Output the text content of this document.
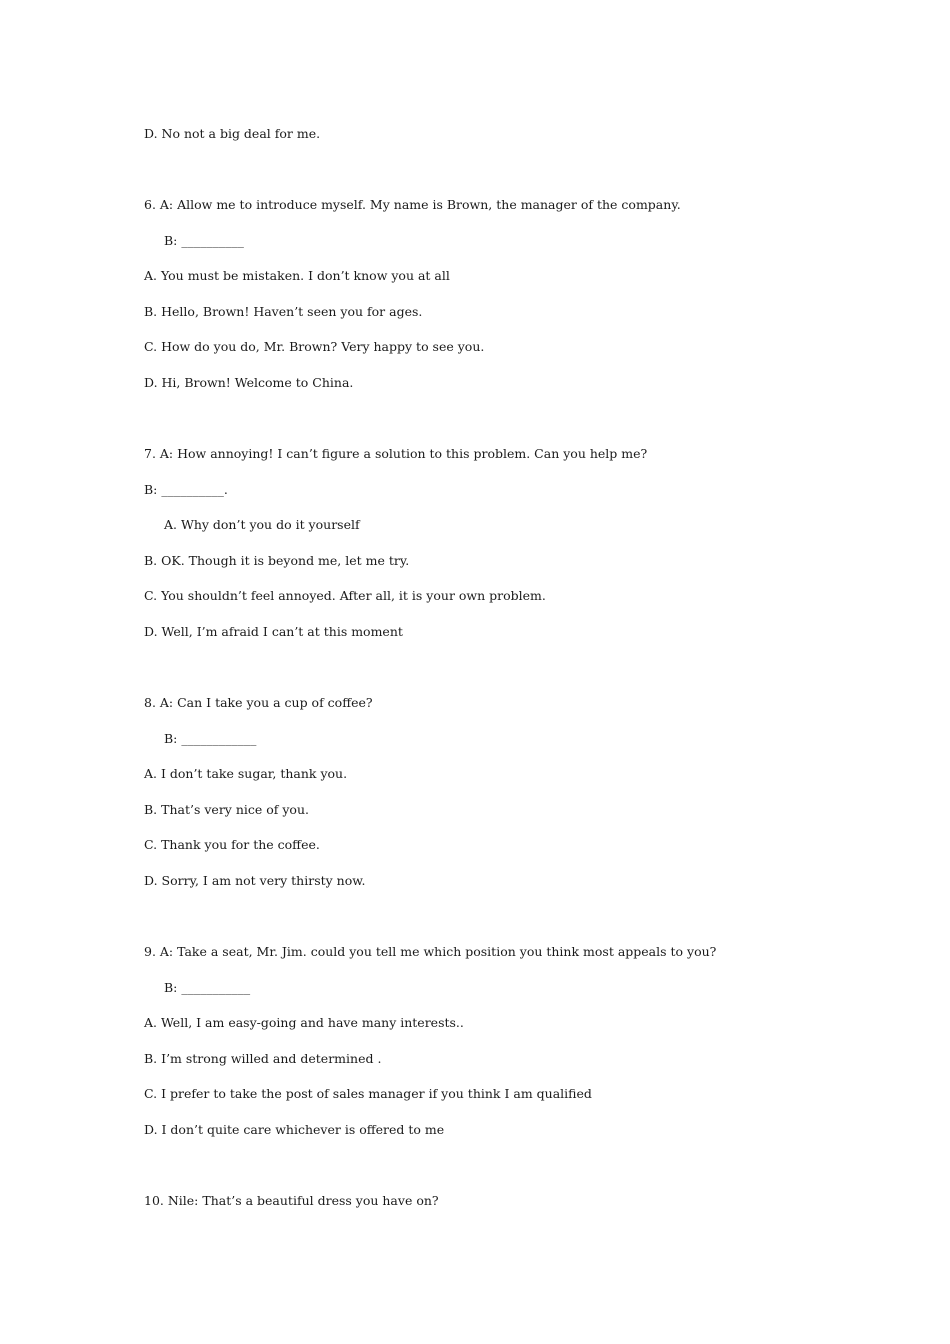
D. No not a big deal for me.
6. A: Allow me to introduce myself. My name is Brown, the manager of the company.
B: __________
A. You must be mistaken. I don’t know you at all
B. Hello, Brown! Haven’t seen you for ages.
C. How do you do, Mr. Brown? Very happy to see you.
D. Hi, Brown! Welcome to China.
7. A: How annoying! I can’t figure a solution to this problem. Can you help me?
B: __________.
A. Why don’t you do it yourself
B. OK. Though it is beyond me, let me try.
C. You shouldn’t feel annoyed. After all, it is your own problem.
D. Well, I’m afraid I can’t at this moment
8. A: Can I take you a cup of coffee?
B: ____________
A. I don’t take sugar, thank you.
B. That’s very nice of you.
C. Thank you for the coffee.
D. Sorry, I am not very thirsty now.
9. A: Take a seat, Mr. Jim. could you tell me which position you think most appeals to you?
B: ___________
A. Well, I am easy-going and have many interests..
B. I’m strong willed and determined .
C. I prefer to take the post of sales manager if you think I am qualified
D. I don’t quite care whichever is offered to me
10. Nile: That’s a beautiful dress you have on?
